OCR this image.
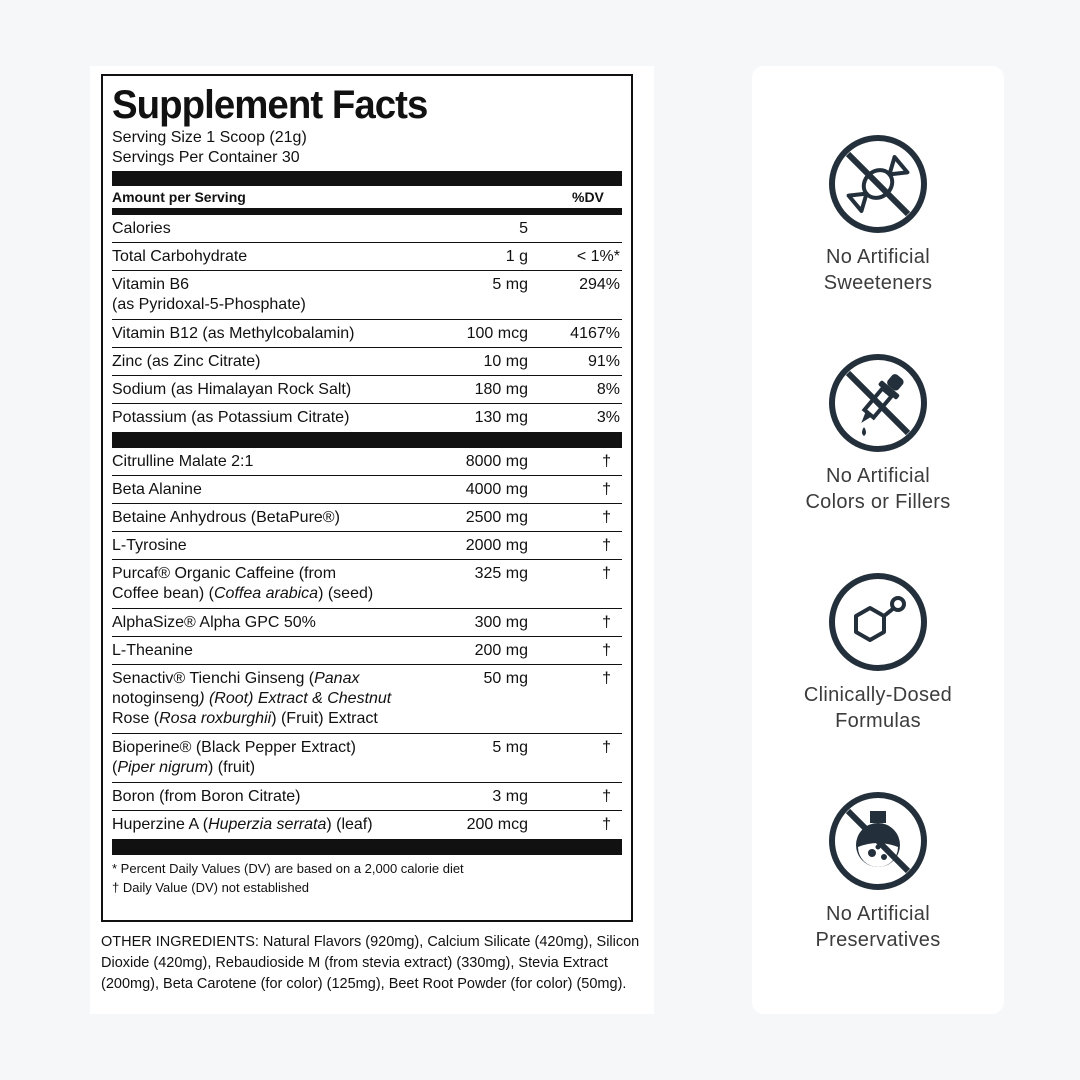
Supplement Facts
Serving Size 1 Scoop (21g)
Servings Per Container 30
Amount per Serving	%DV
Calories	5
Total Carbohydrate	1 g	< 1%*
Vitamin B6
(as Pyridoxal-5-Phosphate)
5 mg	294%
Vitamin B12 (as Methylcobalamin)	100 mcg	4167%
Zinc (as Zinc Citrate)	10 mg	91%
Sodium (as Himalayan Rock Salt)	180 mg	8%
Potassium (as Potassium Citrate)	130 mg	3%
Citrulline Malate 2:1	8000 mg	†
Beta Alanine	4000 mg	†
Betaine Anhydrous (BetaPure®)	2500 mg	†
L-Tyrosine	2000 mg	†
Purcaf® Organic Caffeine (from
Coffee bean) (Coffea arabica) (seed)
325 mg	†
AlphaSize® Alpha GPC 50%	300 mg	†
L-Theanine	200 mg	†
Senactiv® Tienchi Ginseng (Panax
notoginseng) (Root) Extract & Chestnut
Rose (Rosa roxburghii) (Fruit) Extract
50 mg	†
Bioperine® (Black Pepper Extract)
(Piper nigrum) (fruit)
5 mg	†
Boron (from Boron Citrate)	3 mg	†
Huperzine A (Huperzia serrata) (leaf)	200 mcg	†
* Percent Daily Values (DV) are based on a 2,000 calorie diet
† Daily Value (DV) not established
OTHER INGREDIENTS: Natural Flavors (920mg), Calcium Silicate (420mg), Silicon Dioxide (420mg), Rebaudioside M (from stevia extract) (330mg), Stevia Extract (200mg), Beta Carotene (for color) (125mg), Beet Root Powder (for color) (50mg).
No Artificial
Sweeteners
No Artificial
Colors or Fillers
Clinically-Dosed
Formulas
No Artificial
Preservatives
